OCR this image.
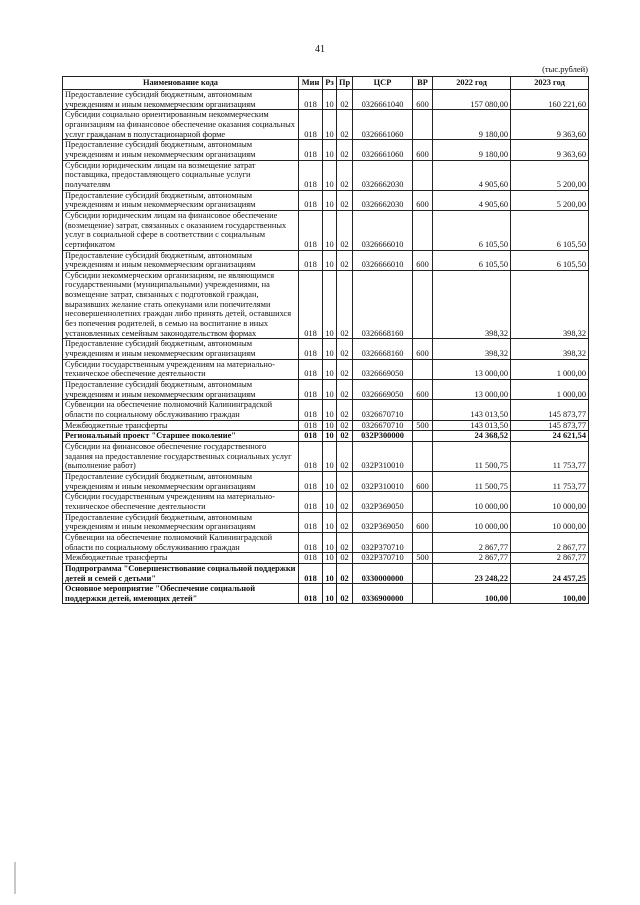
41
(тыс.рублей)
Наименование кода	Мин	Рз	Пр	ЦСР	ВР	2022 год	2023 год
Предоставление субсидий бюджетным, автономным учреждениям и иным некоммерческим организациям	018	10	02	0326661040	600	157 080,00	160 221,60
Субсидии социально ориентированным некоммерческим организациям на финансовое обеспечение оказания социальных услуг гражданам в полустационарной форме	018	10	02	0326661060		9 180,00	9 363,60
Предоставление субсидий бюджетным, автономным учреждениям и иным некоммерческим организациям	018	10	02	0326661060	600	9 180,00	9 363,60
Субсидии юридическим лицам на возмещение затрат поставщика, предоставляющего социальные услуги получателям	018	10	02	0326662030		4 905,60	5 200,00
Предоставление субсидий бюджетным, автономным учреждениям и иным некоммерческим организациям	018	10	02	0326662030	600	4 905,60	5 200,00
Субсидии юридическим лицам на финансовое обеспечение (возмещение) затрат, связанных с оказанием государственных услуг в социальной сфере в соответствии с социальным сертификатом	018	10	02	0326666010		6 105,50	6 105,50
Предоставление субсидий бюджетным, автономным учреждениям и иным некоммерческим организациям	018	10	02	0326666010	600	6 105,50	6 105,50
Субсидии некоммерческим организациям, не являющимся государственными (муниципальными) учреждениями, на возмещение затрат, связанных с подготовкой граждан, выразивших желание стать опекунами или попечителями несовершеннолетних граждан либо принять детей, оставшихся без попечения родителей, в семью на воспитание в иных установленных семейным законодательством формах	018	10	02	0326668160		398,32	398,32
Предоставление субсидий бюджетным, автономным учреждениям и иным некоммерческим организациям	018	10	02	0326668160	600	398,32	398,32
Субсидии государственным учреждениям на материально-техническое обеспечение деятельности	018	10	02	0326669050		13 000,00	1 000,00
Предоставление субсидий бюджетным, автономным учреждениям и иным некоммерческим организациям	018	10	02	0326669050	600	13 000,00	1 000,00
Субвенции на обеспечение полномочий Калининградской области по социальному обслуживанию граждан	018	10	02	0326670710		143 013,50	145 873,77
Межбюджетные трансферты	018	10	02	0326670710	500	143 013,50	145 873,77
Региональный проект "Старшее поколение"	018	10	02	032P300000		24 368,52	24 621,54
Субсидии на финансовое обеспечение государственного задания на предоставление государственных социальных услуг (выполнение работ)	018	10	02	032P310010		11 500,75	11 753,77
Предоставление субсидий бюджетным, автономным учреждениям и иным некоммерческим организациям	018	10	02	032P310010	600	11 500,75	11 753,77
Субсидии государственным учреждениям на материально-техническое обеспечение деятельности	018	10	02	032P369050		10 000,00	10 000,00
Предоставление субсидий бюджетным, автономным учреждениям и иным некоммерческим организациям	018	10	02	032P369050	600	10 000,00	10 000,00
Субвенции на обеспечение полномочий Калининградской области по социальному обслуживанию граждан	018	10	02	032P370710		2 867,77	2 867,77
Межбюджетные трансферты	018	10	02	032P370710	500	2 867,77	2 867,77
Подпрограмма "Совершенствование социальной поддержки детей и семей с детьми"	018	10	02	0330000000		23 248,22	24 457,25
Основное мероприятие "Обеспечение социальной поддержки детей, имеющих детей"	018	10	02	0336900000		100,00	100,00
